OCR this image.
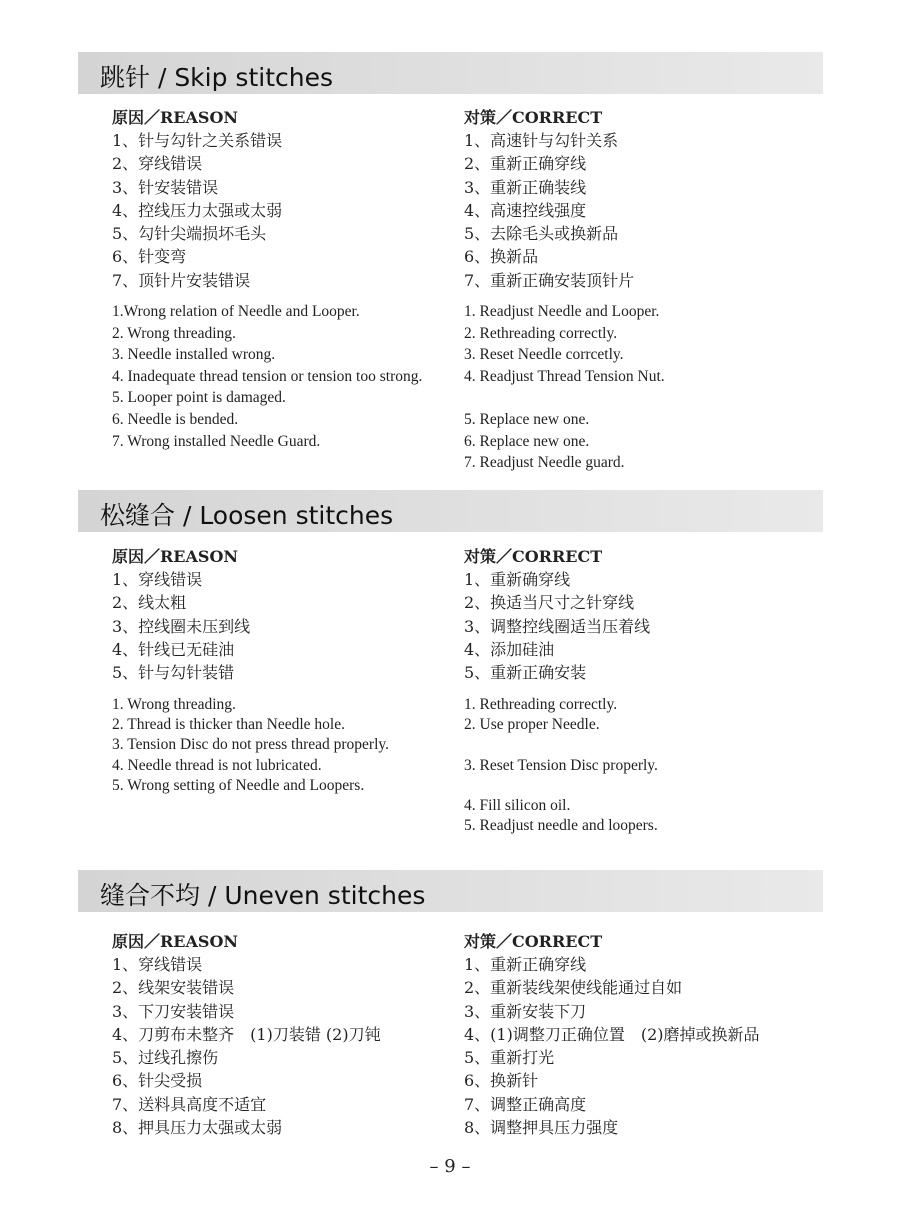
跳针 / Skip stitches
原因／REASON
1、针与勾针之关系错误
2、穿线错误
3、针安装错误
4、控线压力太强或太弱
5、勾针尖端损坏毛头
6、针变弯
7、顶针片安装错误
对策／CORRECT
1、高速针与勾针关系
2、重新正确穿线
3、重新正确装线
4、高速控线强度
5、去除毛头或换新品
6、换新品
7、重新正确安装顶针片
1.Wrong relation of Needle and Looper.
2. Wrong threading.
3. Needle installed wrong.
4. Inadequate thread tension or tension too strong.
5. Looper point is damaged.
6. Needle is bended.
7. Wrong installed Needle Guard.
1. Readjust Needle and Looper.
2. Rethreading correctly.
3. Reset Needle corrcetly.
4. Readjust Thread Tension Nut.
5. Replace new one.
6. Replace new one.
7. Readjust Needle guard.
松缝合 / Loosen stitches
原因／REASON
1、穿线错误
2、线太粗
3、控线圈未压到线
4、针线已无硅油
5、针与勾针装错
对策／CORRECT
1、重新确穿线
2、换适当尺寸之针穿线
3、调整控线圈适当压着线
4、添加硅油
5、重新正确安装
1. Wrong threading.
2. Thread is thicker than Needle hole.
3. Tension Disc do not press thread properly.
4. Needle thread is not lubricated.
5. Wrong setting of Needle and Loopers.
1. Rethreading correctly.
2. Use proper Needle.
3. Reset Tension Disc properly.
4. Fill silicon oil.
5. Readjust needle and loopers.
缝合不均 / Uneven stitches
原因／REASON
1、穿线错误
2、线架安装错误
3、下刀安装错误
4、刀剪布未整齐　(1)刀装错 (2)刀钝
5、过线孔擦伤
6、针尖受损
7、送料具高度不适宜
8、押具压力太强或太弱
对策／CORRECT
1、重新正确穿线
2、重新装线架使线能通过自如
3、重新安装下刀
4、(1)调整刀正确位置　(2)磨掉或换新品
5、重新打光
6、换新针
7、调整正确高度
8、调整押具压力强度
– 9 –
